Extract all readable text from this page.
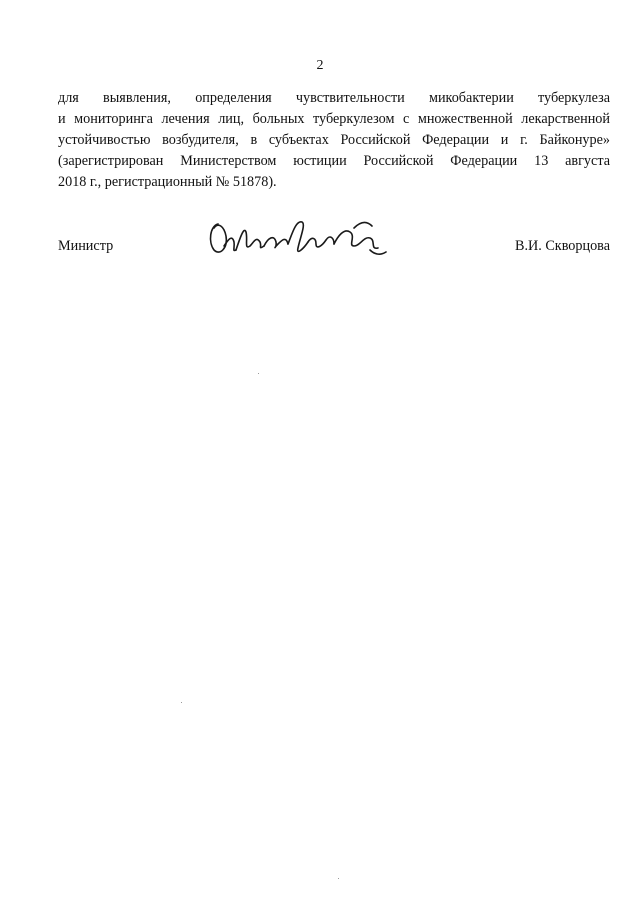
2

для выявления, определения чувствительности микобактерии туберкулеза
и мониторинга лечения лиц, больных туберкулезом с множественной лекарственной
устойчивостью возбудителя, в субъектах Российской Федерации и г. Байконуре»
(зарегистрирован Министерством юстиции Российской Федерации 13 августа
2018 г., регистрационный № 51878).

Министр	В.И. Скворцова
